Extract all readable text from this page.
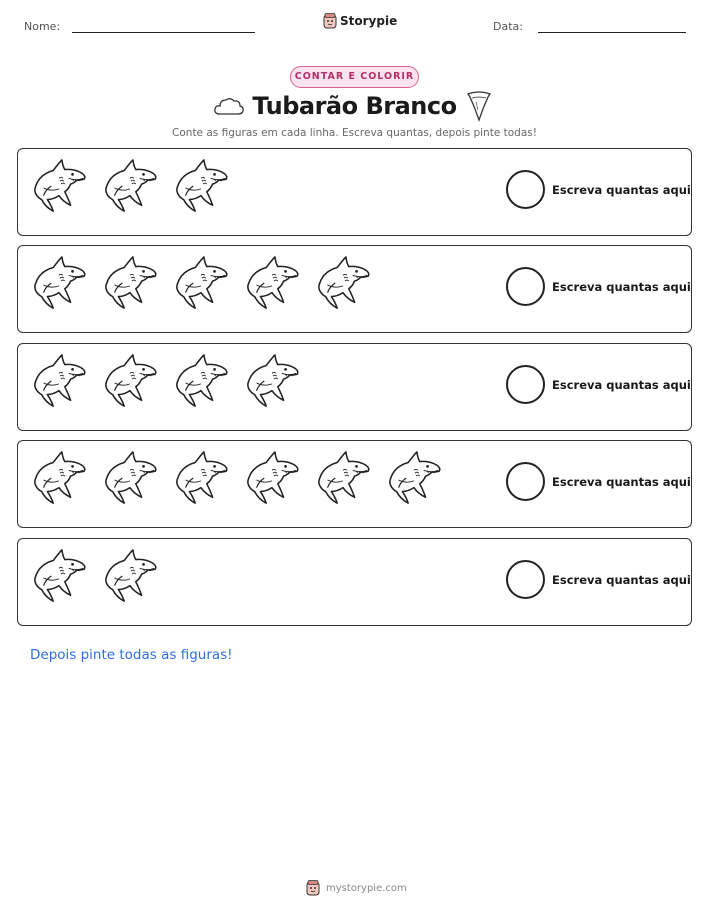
Nome:	Storypie	Data:
CONTAR E COLORIR
Tubarão Branco
Conte as figuras em cada linha. Escreva quantas, depois pinte todas!
Escreva quantas aqui
Escreva quantas aqui
Escreva quantas aqui
Escreva quantas aqui
Escreva quantas aqui
Depois pinte todas as figuras!
mystorypie.com
